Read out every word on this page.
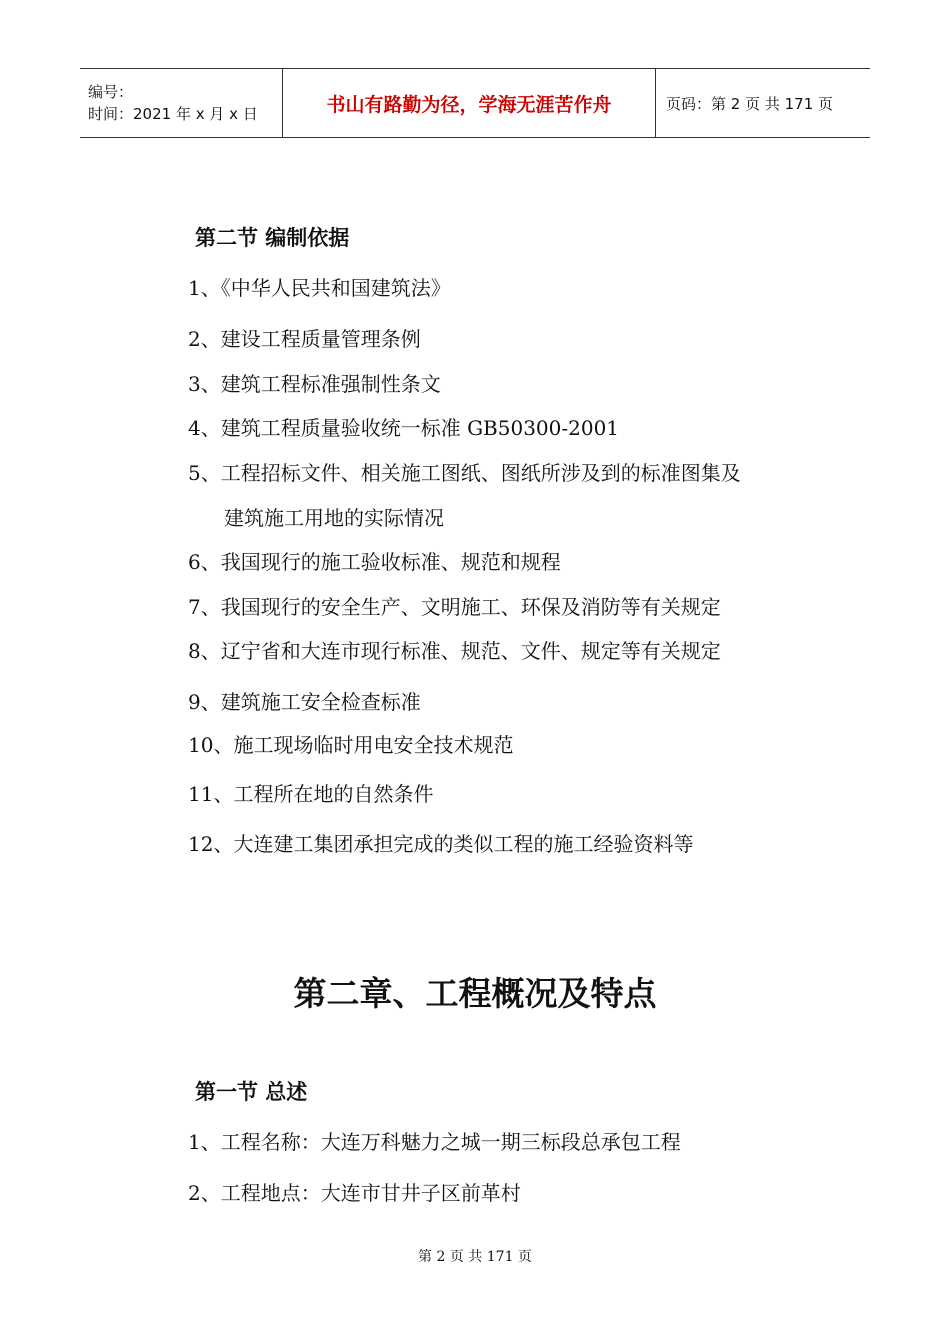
编号：
时间：2021 年 x 月 x 日	书山有路勤为径，学海无涯苦作舟	页码：第 2 页 共 171 页
第二节 编制依据
1、《中华人民共和国建筑法》
2、建设工程质量管理条例
3、建筑工程标准强制性条文
4、建筑工程质量验收统一标准 GB50300-2001
5、工程招标文件、相关施工图纸、图纸所涉及到的标准图集及
建筑施工用地的实际情况
6、我国现行的施工验收标准、规范和规程
7、我国现行的安全生产、文明施工、环保及消防等有关规定
8、辽宁省和大连市现行标准、规范、文件、规定等有关规定
9、建筑施工安全检查标准
10、施工现场临时用电安全技术规范
11、工程所在地的自然条件
12、大连建工集团承担完成的类似工程的施工经验资料等
第二章、工程概况及特点
第一节 总述
1、工程名称：大连万科魅力之城一期三标段总承包工程
2、工程地点：大连市甘井子区前革村
第 2 页 共 171 页
